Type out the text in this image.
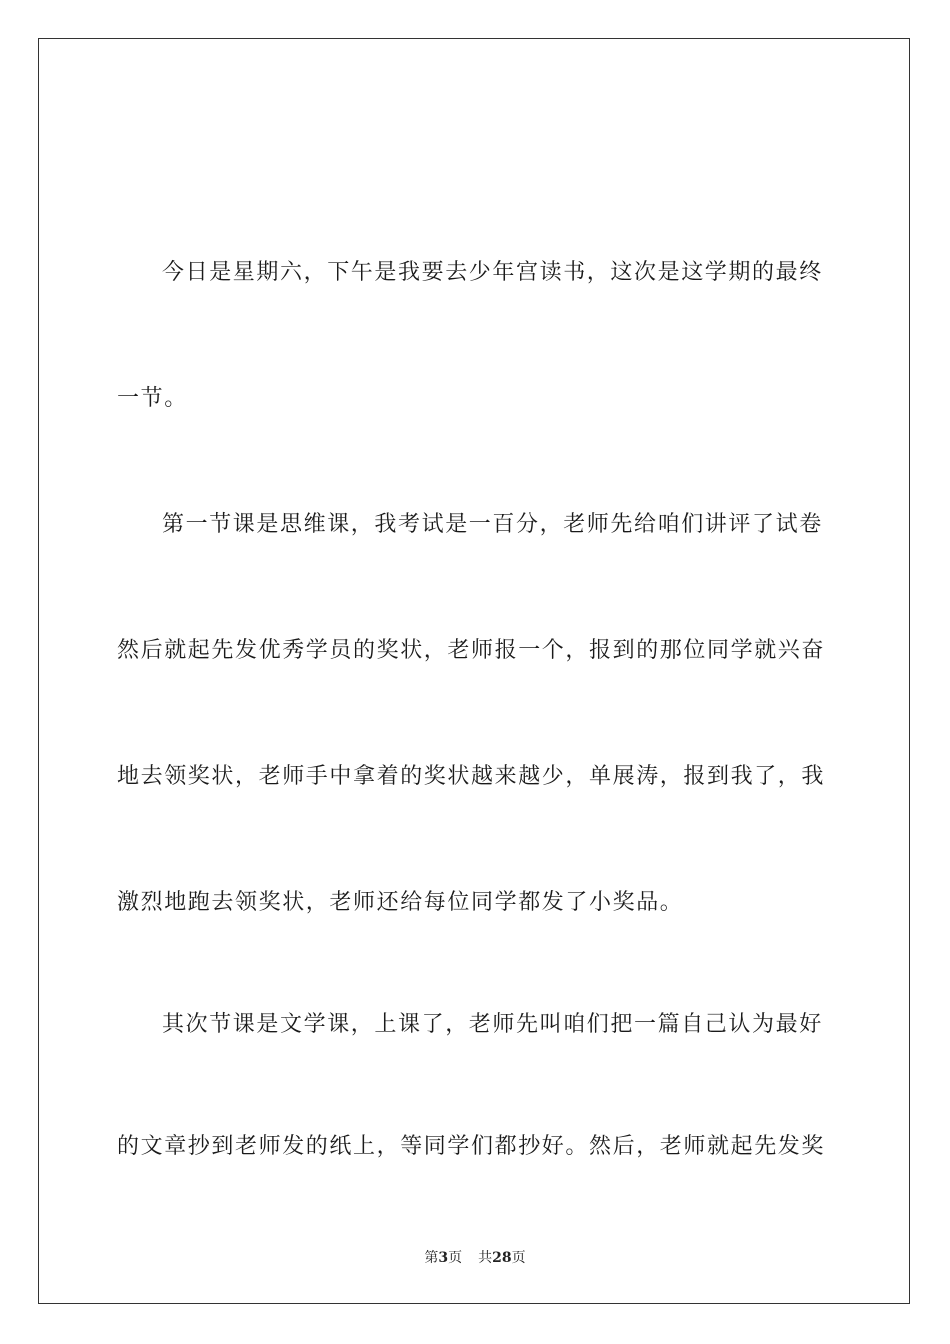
今日是星期六，下午是我要去少年宫读书，这次是这学期的最终
一节。
第一节课是思维课，我考试是一百分，老师先给咱们讲评了试卷
然后就起先发优秀学员的奖状，老师报一个，报到的那位同学就兴奋
地去领奖状，老师手中拿着的奖状越来越少，单展涛，报到我了，我
激烈地跑去领奖状，老师还给每位同学都发了小奖品。
其次节课是文学课，上课了，老师先叫咱们把一篇自己认为最好
的文章抄到老师发的纸上，等同学们都抄好。然后，老师就起先发奖
第3页 共28页
